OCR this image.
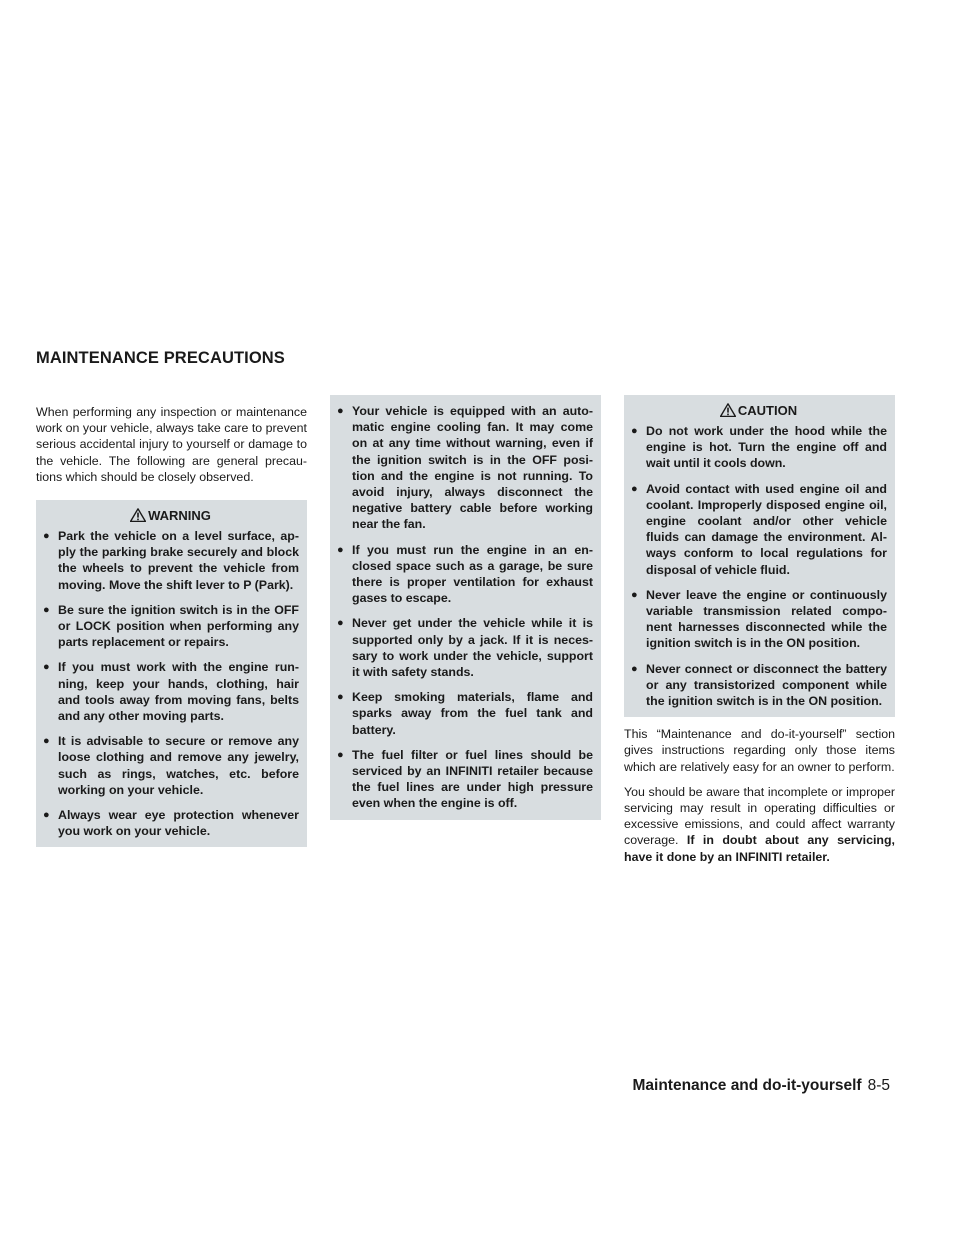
MAINTENANCE PRECAUTIONS

When performing any inspection or maintenance work on your vehicle, always take care to prevent serious accidental injury to yourself or damage to the vehicle. The following are general precau-tions which should be closely observed.

WARNING
● Park the vehicle on a level surface, ap-ply the parking brake securely and block the wheels to prevent the vehicle from moving. Move the shift lever to P (Park).
● Be sure the ignition switch is in the OFF or LOCK position when performing any parts replacement or repairs.
● If you must work with the engine run-ning, keep your hands, clothing, hair and tools away from moving fans, belts and any other moving parts.
● It is advisable to secure or remove any loose clothing and remove any jewelry, such as rings, watches, etc. before working on your vehicle.
● Always wear eye protection whenever you work on your vehicle.
● Your vehicle is equipped with an auto-matic engine cooling fan. It may come on at any time without warning, even if the ignition switch is in the OFF posi-tion and the engine is not running. To avoid injury, always disconnect the negative battery cable before working near the fan.
● If you must run the engine in an en-closed space such as a garage, be sure there is proper ventilation for exhaust gases to escape.
● Never get under the vehicle while it is supported only by a jack. If it is neces-sary to work under the vehicle, support it with safety stands.
● Keep smoking materials, flame and sparks away from the fuel tank and battery.
● The fuel filter or fuel lines should be serviced by an INFINITI retailer because the fuel lines are under high pressure even when the engine is off.
CAUTION
● Do not work under the hood while the engine is hot. Turn the engine off and wait until it cools down.
● Avoid contact with used engine oil and coolant. Improperly disposed engine oil, engine coolant and/or other vehicle fluids can damage the environment. Al-ways conform to local regulations for disposal of vehicle fluid.
● Never leave the engine or continuously variable transmission related compo-nent harnesses disconnected while the ignition switch is in the ON position.
● Never connect or disconnect the battery or any transistorized component while the ignition switch is in the ON position.

This “Maintenance and do-it-yourself” section gives instructions regarding only those items which are relatively easy for an owner to perform.

You should be aware that incomplete or improper servicing may result in operating difficulties or excessive emissions, and could affect warranty coverage. If in doubt about any servicing, have it done by an INFINITI retailer.

Maintenance and do-it-yourself 8-5
